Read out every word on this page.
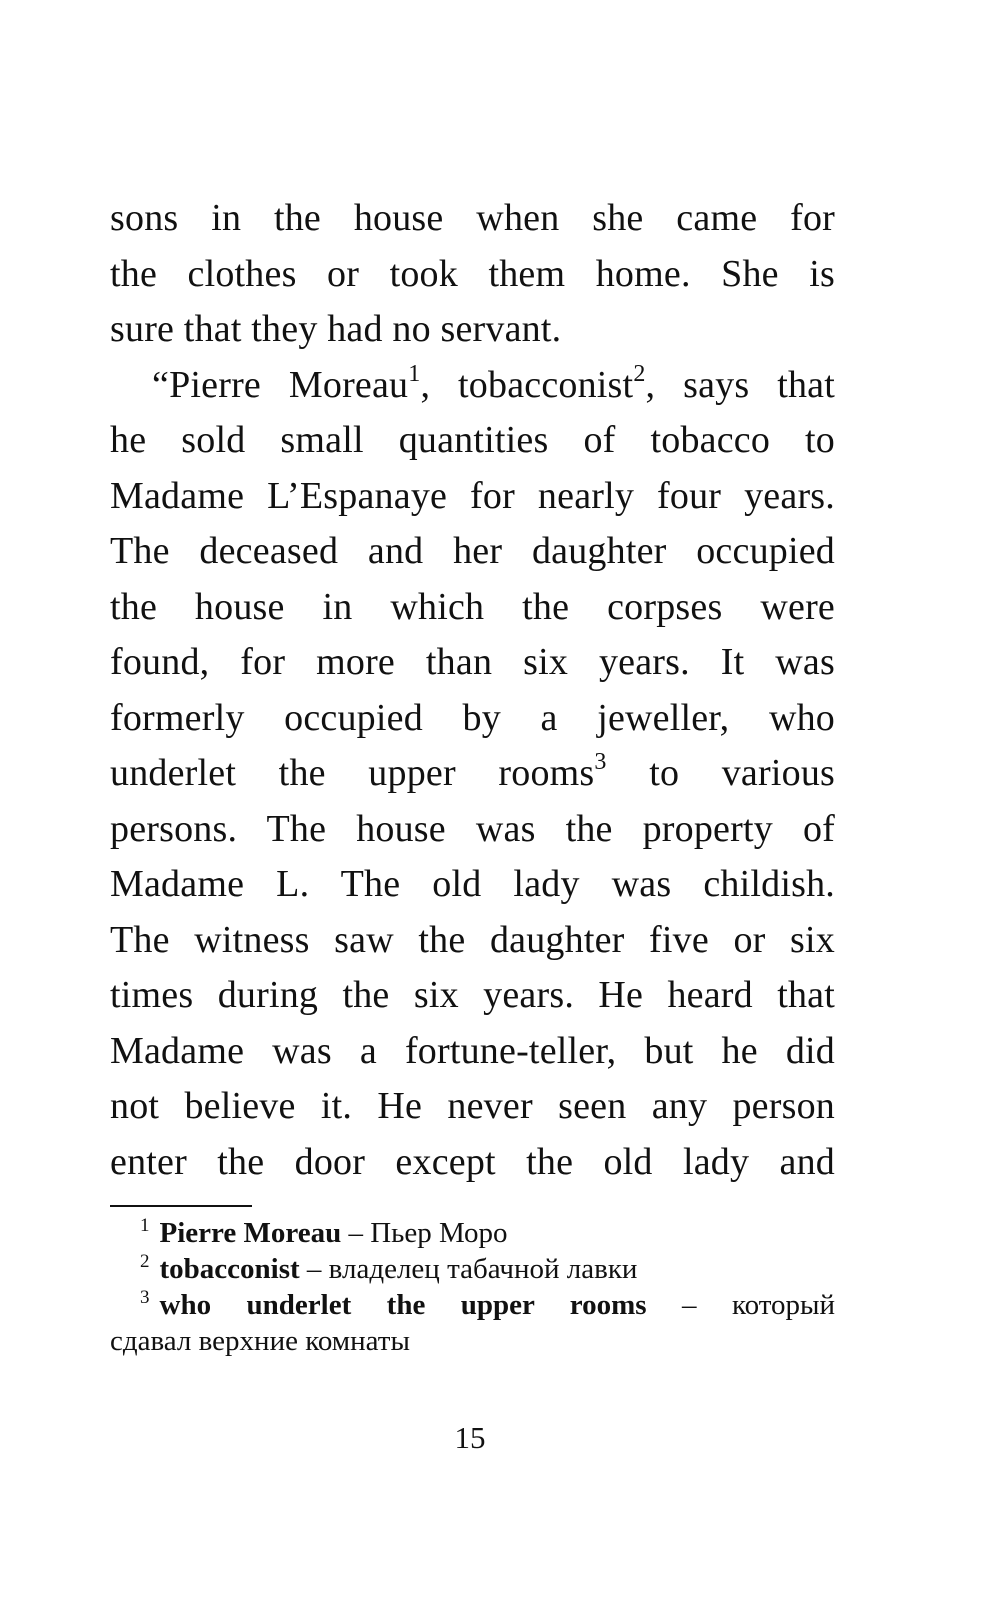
sons in the house when she came for
the clothes or took them home. She is
sure that they had no servant.
“Pierre Moreau$^1$, tobacconist$^2$, says that
he sold small quantities of tobacco to
Madame L’Espanaye for nearly four years.
The deceased and her daughter occupied
the house in which the corpses were
found, for more than six years. It was
formerly occupied by a jeweller, who
underlet the upper rooms$^3$ to various
persons. The house was the property of
Madame L. The old lady was childish.
The witness saw the daughter five or six
times during the six years. He heard that
Madame was a fortune-teller, but he did
not believe it. He never seen any person
enter the door except the old lady and
$^1$ Pierre Moreau – Пьер Моро
$^2$ tobacconist – владелец табачной лавки
$^3$ who underlet the upper rooms – который
сдавал верхние комнаты
15
